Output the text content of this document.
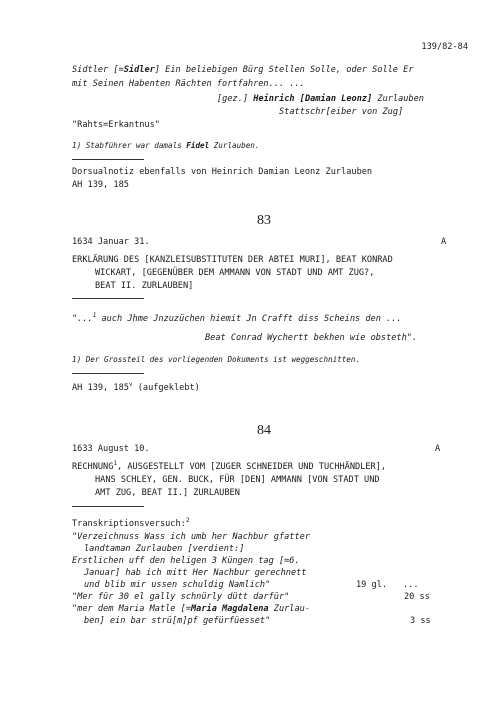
139/82-84
Sidtler [=Sidler] Ein beliebigen Bürg Stellen Solle, oder Solle Er
mit Seinen Habenten Rächten fortfahren... ...
[gez.] Heinrich [Damian Leonz] Zurlauben
Stattschr[eiber von Zug]
"Rahts=Erkantnus"
1) Stabführer war damals Fidel Zurlauben.
Dorsualnotiz ebenfalls von Heinrich Damian Leonz Zurlauben
AH 139, 185
83
1634 Januar 31.	A
ERKLÄRUNG DES [KANZLEISUBSTITUTEN DER ABTEI MURI], BEAT KONRAD
WICKART, [GEGENÜBER DEM AMMANN VON STADT UND AMT ZUG?,
BEAT II. ZURLAUBEN]
"...$^1$ auch Jhme Jnzuzüchen hiemit Jn Crafft diss Scheins den ...
Beat Conrad Wychertt bekhen wie obsteth".
1) Der Grossteil des vorliegenden Dokuments ist weggeschnitten.
AH 139, 185$^v$ (aufgeklebt)
84
1633 August 10.	A
RECHNUNG$^1$, AUSGESTELLT VOM [ZUGER SCHNEIDER UND TUCHHÄNDLER],
HANS SCHLEY, GEN. BUCK, FÜR [DEN] AMMANN [VON STADT UND
AMT ZUG, BEAT II.] ZURLAUBEN
Transkriptionsversuch:$^2$
"Verzeichnuss Wass ich umb her Nachbur gfatter
landtaman Zurlauben [verdient:]
Erstlichen uff den heligen 3 Küngen tag [=6.
Januar] hab ich mitt Her Nachbur gerechnett
und blib mir ussen schuldig Namlich"	19 gl. ...
"Mer für 30 el gally schnürly dütt darfür"	20 ss
"mer dem Maria Matle [=Maria Magdalena Zurlau-
ben] ein bar strü[m]pf gefürfüesset"	3 ss
